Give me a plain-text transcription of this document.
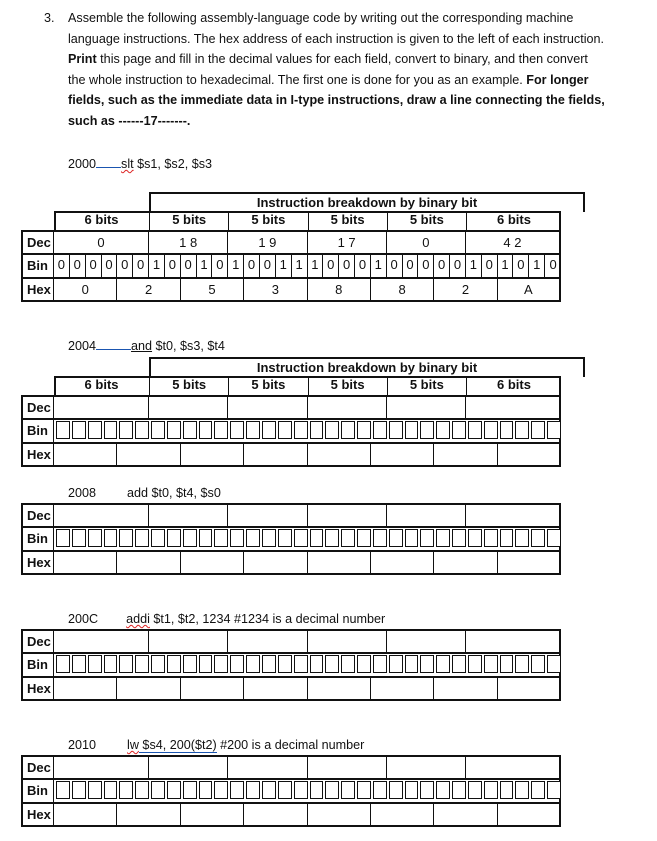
3.	Assemble the following assembly-language code by writing out the corresponding machine

language instructions. The hex address of each instruction is given to the left of each instruction.

Print this page and fill in the decimal values for each field, convert to binary, and then convert

the whole instruction to hexadecimal. The first one is done for you as an example. For longer

fields, such as the immediate data in I-type instructions, draw a line connecting the fields,

such as ------17-------.

2000 slt $s1, $s2, $s3
2004	and $t0, $s3, $t4
2008 add $t0, $t4, $s0
200C addi $t1, $t2, 1234 #1234 is a decimal number
2010 lw $s4, 200($t2) #200 is a decimal number
Instruction breakdown by binary bit
6 bits	5 bits	5 bits	5 bits	5 bits	6 bits
Dec	0	1 8	1 9	1 7	0	4 2
Bin 0 0 0 0 0 0 1 0 0 1 0 1 0 0 1 1 1 0 0 0 1 0 0 0 0 0 1 0 1 0 1 0
Hex	0	2	5	3	8	8	2	A
Instruction breakdown by binary bit
6 bits	5 bits	5 bits	5 bits	5 bits	6 bits
Dec
Bin
Hex
Dec
Bin
Hex
Dec
Bin
Hex
Dec
Bin
Hex
